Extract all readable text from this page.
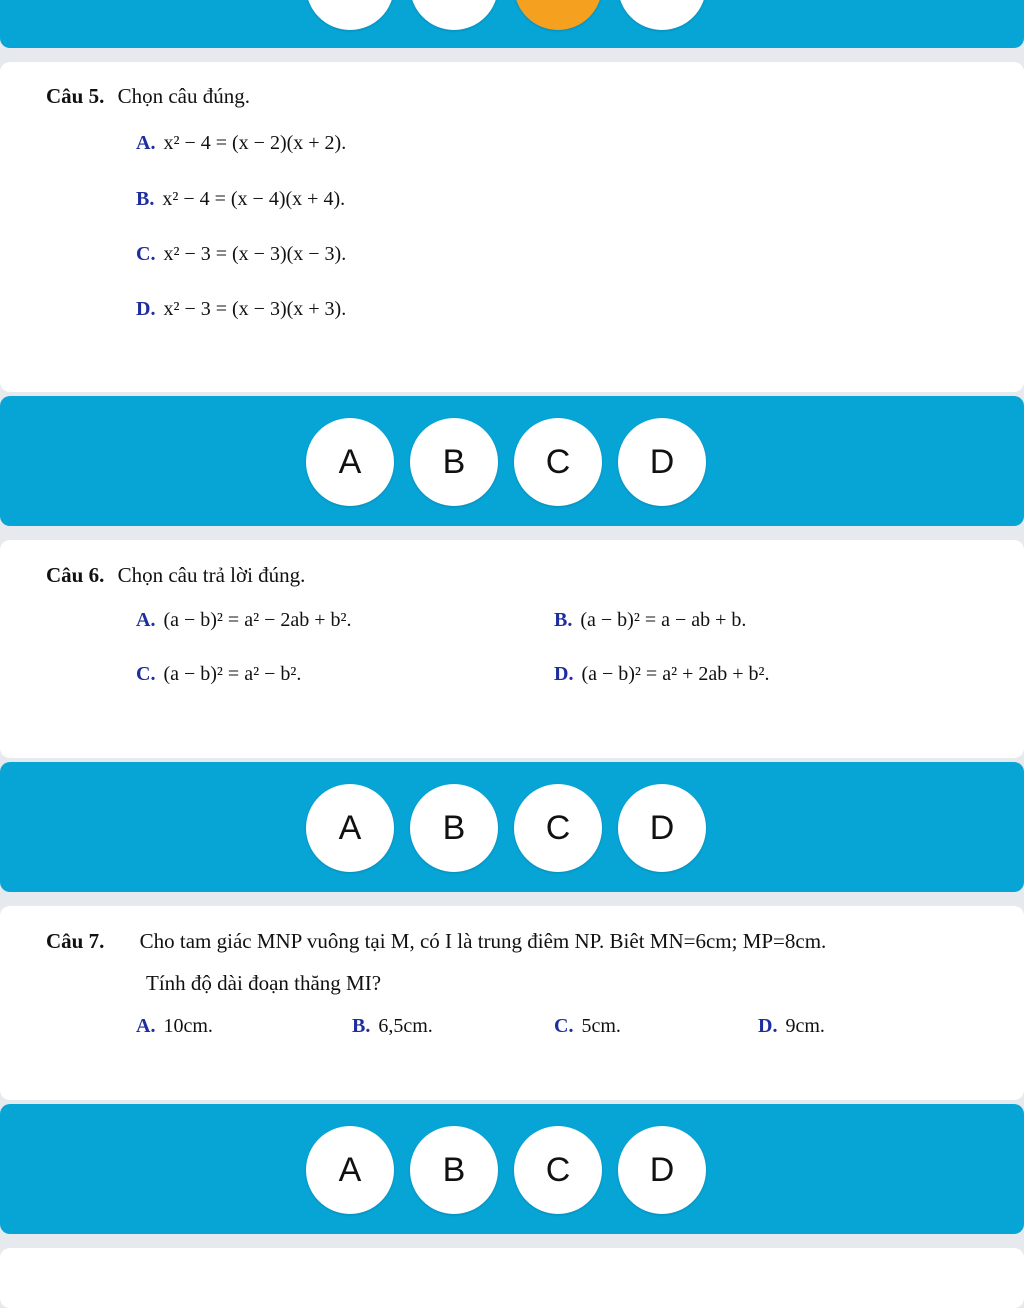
Câu 5. Chọn câu đúng.
A. x² − 4 = (x − 2)(x + 2).
B. x² − 4 = (x − 4)(x + 4).
C. x² − 3 = (x − 3)(x − 3).
D. x² − 3 = (x − 3)(x + 3).
A	B	C	D
Câu 6. Chọn câu trả lời đúng.
A. (a − b)² = a² − 2ab + b².	B. (a − b)² = a − ab + b.
C. (a − b)² = a² − b².	D. (a − b)² = a² + 2ab + b².
A	B	C	D
Câu 7. Cho tam giác MNP vuông tại M, có I là trung điêm NP. Biêt MN=6cm; MP=8cm.
Tính độ dài đoạn thăng MI?
A. 10cm.	B. 6,5cm.	C. 5cm.	D. 9cm.
A	B	C	D
